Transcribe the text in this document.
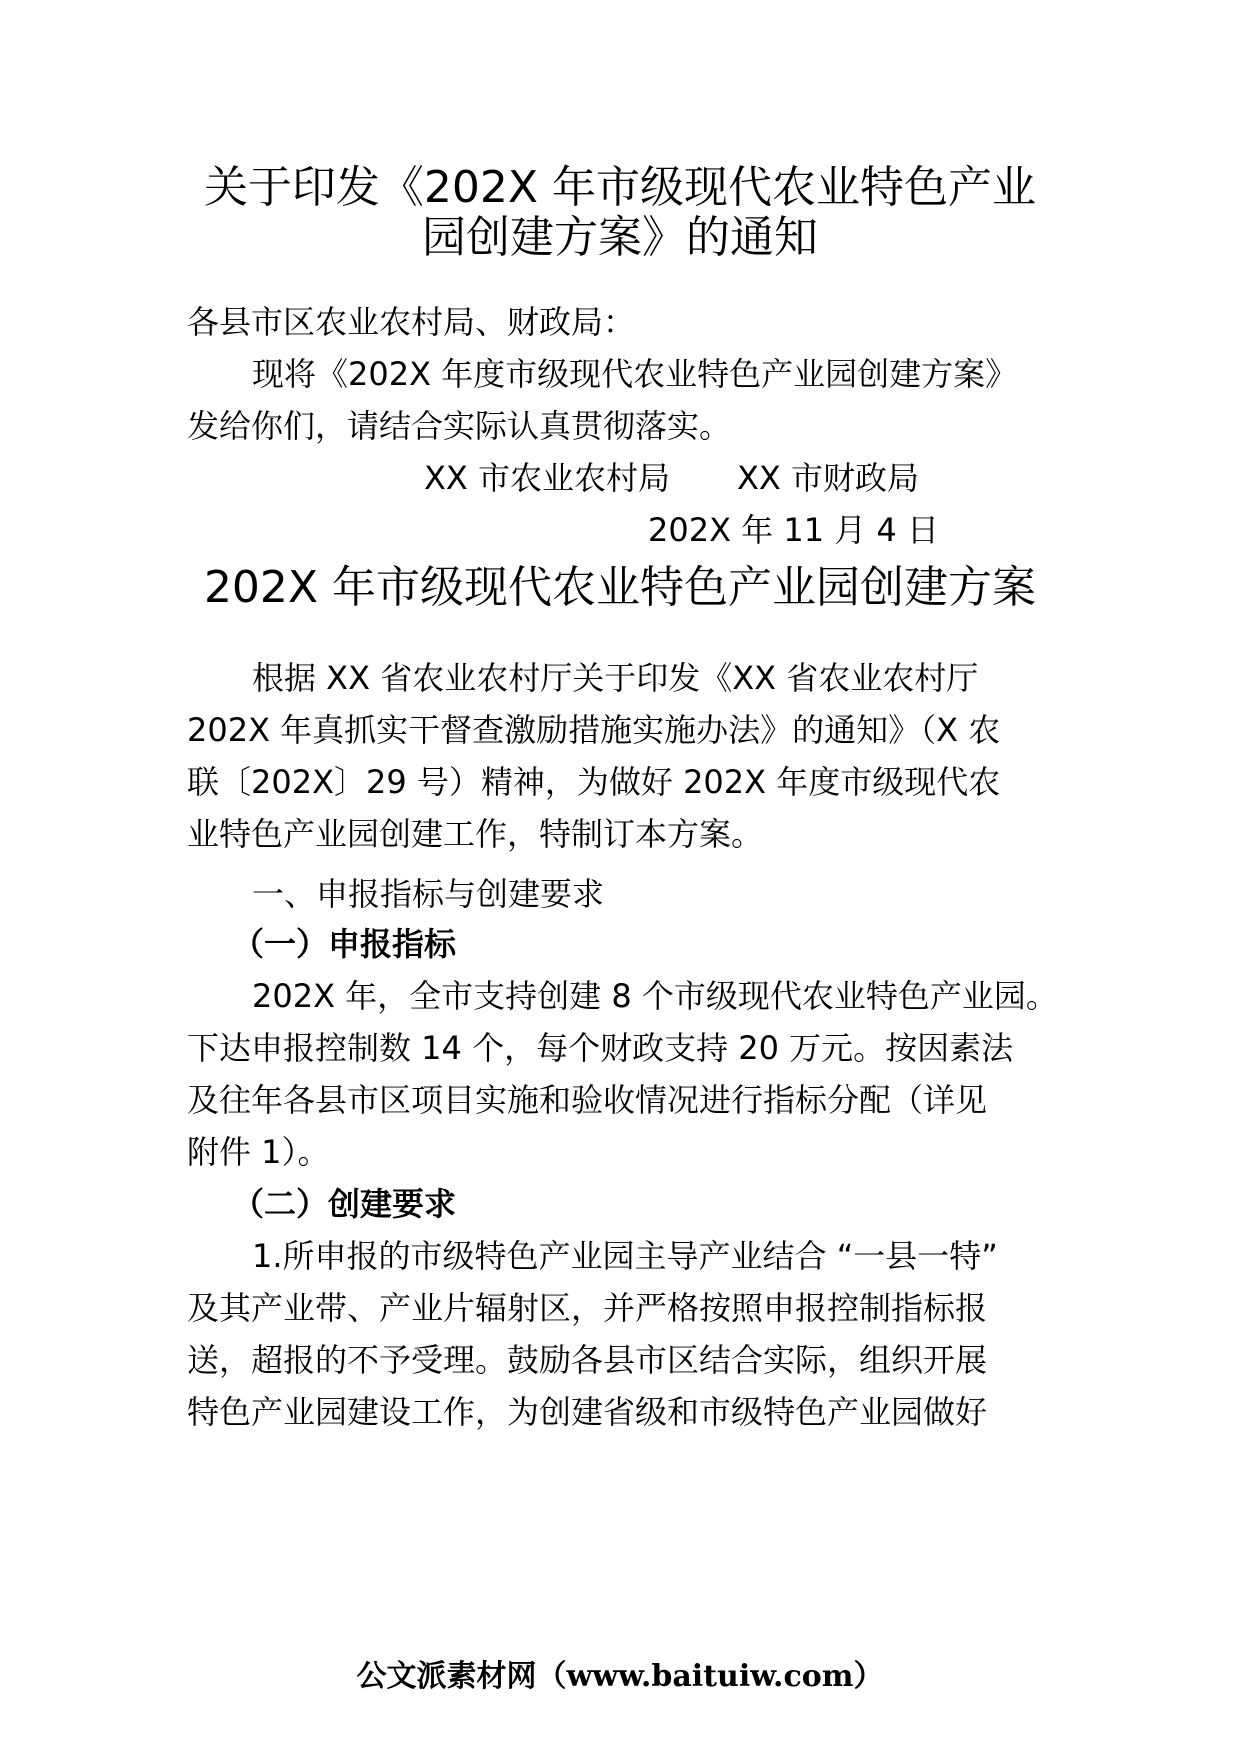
关于印发《202X 年市级现代农业特色产业
园创建方案》的通知
各县市区农业农村局、财政局：
现将《202X 年度市级现代农业特色产业园创建方案》
发给你们，请结合实际认真贯彻落实。
XX 市农业农村局 XX 市财政局
202X 年 11 月 4 日
202X 年市级现代农业特色产业园创建方案
根据 XX 省农业农村厅关于印发《XX 省农业农村厅
202X 年真抓实干督查激励措施实施办法》的通知》（X 农
联〔202X〕29 号）精神，为做好 202X 年度市级现代农
业特色产业园创建工作，特制订本方案。
一、申报指标与创建要求
（一）申报指标
202X 年，全市支持创建 8 个市级现代农业特色产业园。
下达申报控制数 14 个，每个财政支持 20 万元。按因素法
及往年各县市区项目实施和验收情况进行指标分配（详见
附件 1）。
（二）创建要求
1.所申报的市级特色产业园主导产业结合 “一县一特”
及其产业带、产业片辐射区，并严格按照申报控制指标报
送，超报的不予受理。鼓励各县市区结合实际，组织开展
特色产业园建设工作，为创建省级和市级特色产业园做好
公文派素材网（www.baituiw.com）
